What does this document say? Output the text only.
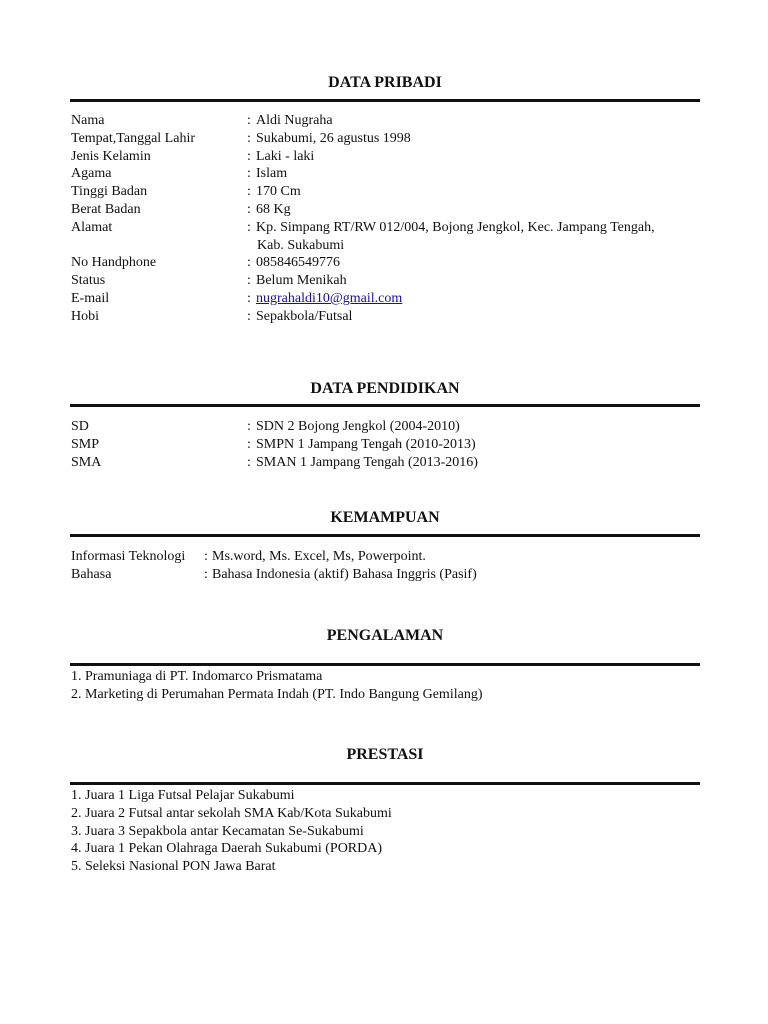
DATA PRIBADI
Nama	: Aldi Nugraha
Tempat,Tanggal Lahir	: Sukabumi, 26 agustus 1998
Jenis Kelamin	: Laki - laki
Agama	: Islam
Tinggi Badan	: 170 Cm
Berat Badan	: 68 Kg
Alamat	: Kp. Simpang RT/RW 012/004, Bojong Jengkol, Kec. Jampang Tengah,
Kab. Sukabumi
No Handphone	: 085846549776
Status	: Belum Menikah
E-mail	: nugrahaldi10@gmail.com
Hobi	: Sepakbola/Futsal
DATA PENDIDIKAN
SD	: SDN 2 Bojong Jengkol (2004-2010)
SMP	: SMPN 1 Jampang Tengah (2010-2013)
SMA	: SMAN 1 Jampang Tengah (2013-2016)
KEMAMPUAN
Informasi Teknologi : Ms.word, Ms. Excel, Ms, Powerpoint.
Bahasa	: Bahasa Indonesia (aktif) Bahasa Inggris (Pasif)
PENGALAMAN
1. Pramuniaga di PT. Indomarco Prismatama
2. Marketing di Perumahan Permata Indah (PT. Indo Bangung Gemilang)
PRESTASI
1. Juara 1 Liga Futsal Pelajar Sukabumi
2. Juara 2 Futsal antar sekolah SMA Kab/Kota Sukabumi
3. Juara 3 Sepakbola antar Kecamatan Se-Sukabumi
4. Juara 1 Pekan Olahraga Daerah Sukabumi (PORDA)
5. Seleksi Nasional PON Jawa Barat
